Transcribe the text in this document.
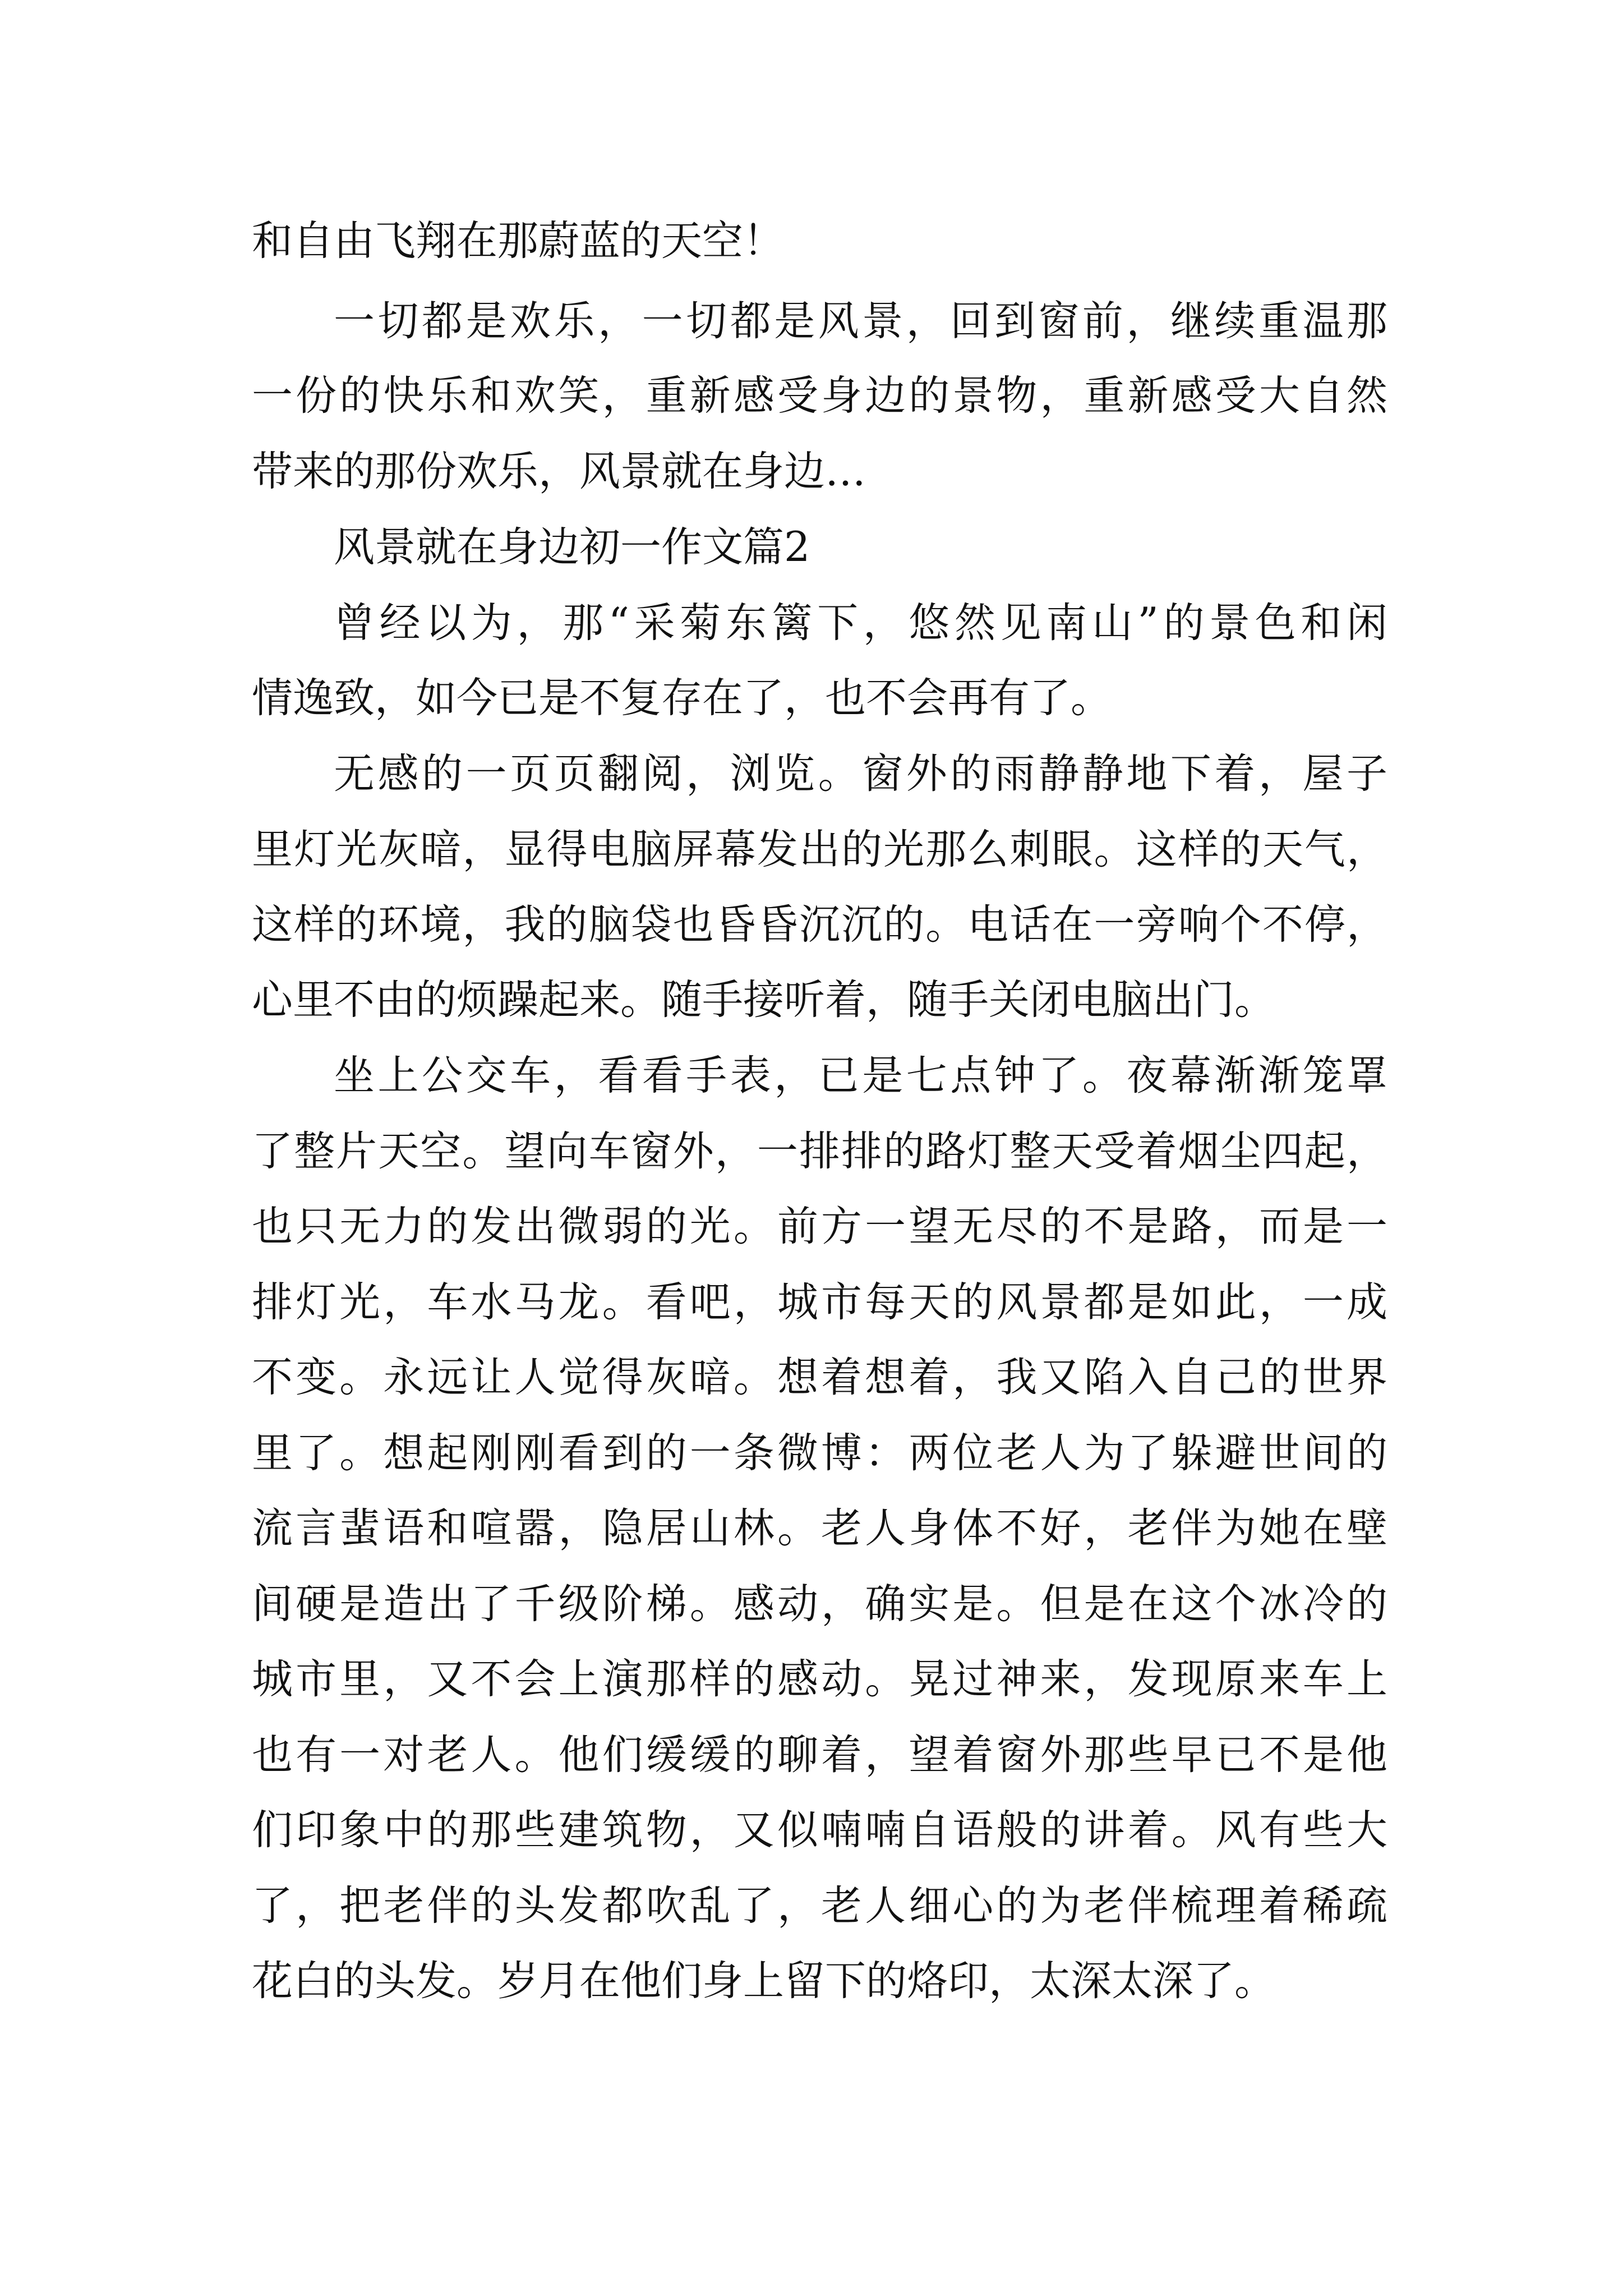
和自由飞翔在那蔚蓝的天空！

一切都是欢乐，一切都是风景，回到窗前，继续重温那

一份的快乐和欢笑，重新感受身边的景物，重新感受大自然

带来的那份欢乐，风景就在身边…

风景就在身边初一作文篇2

曾经以为，那“采菊东篱下，悠然见南山”的景色和闲

情逸致，如今已是不复存在了，也不会再有了。

无感的一页页翻阅，浏览。窗外的雨静静地下着，屋子

里灯光灰暗，显得电脑屏幕发出的光那么刺眼。这样的天气，

这样的环境，我的脑袋也昏昏沉沉的。电话在一旁响个不停，

心里不由的烦躁起来。随手接听着，随手关闭电脑出门。

坐上公交车，看看手表，已是七点钟了。夜幕渐渐笼罩

了整片天空。望向车窗外，一排排的路灯整天受着烟尘四起，

也只无力的发出微弱的光。前方一望无尽的不是路，而是一

排灯光，车水马龙。看吧，城市每天的风景都是如此，一成

不变。永远让人觉得灰暗。想着想着，我又陷入自己的世界

里了。想起刚刚看到的一条微博：两位老人为了躲避世间的

流言蜚语和喧嚣，隐居山林。老人身体不好，老伴为她在壁

间硬是造出了千级阶梯。感动，确实是。但是在这个冰冷的

城市里，又不会上演那样的感动。晃过神来，发现原来车上

也有一对老人。他们缓缓的聊着，望着窗外那些早已不是他

们印象中的那些建筑物，又似喃喃自语般的讲着。风有些大

了，把老伴的头发都吹乱了，老人细心的为老伴梳理着稀疏

花白的头发。岁月在他们身上留下的烙印，太深太深了。
